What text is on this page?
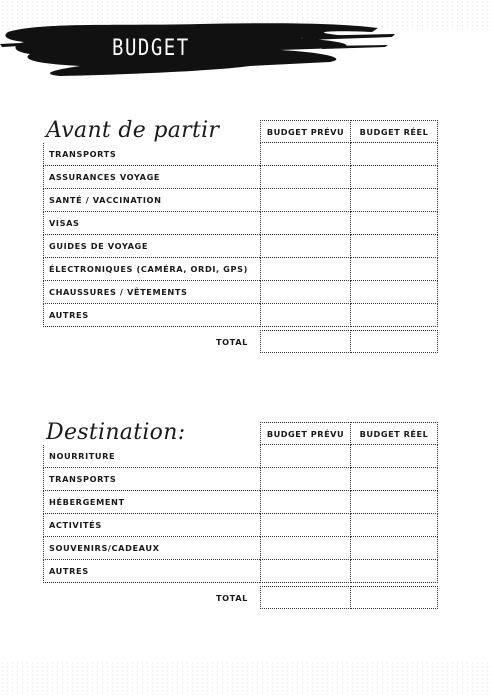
BUDGET
Avant de partir	BUDGET PRÉVU	BUDGET RÉEL
TRANSPORTS
ASSURANCES VOYAGE
SANTÉ / VACCINATION
VISAS
GUIDES DE VOYAGE
ÉLECTRONIQUES (CAMÉRA, ORDI, GPS)
CHAUSSURES / VÊTEMENTS
AUTRES
TOTAL
Destination:	BUDGET PRÉVU	BUDGET RÉEL
NOURRITURE
TRANSPORTS
HÉBERGEMENT
ACTIVITÉS
SOUVENIRS/CADEAUX
AUTRES
TOTAL
